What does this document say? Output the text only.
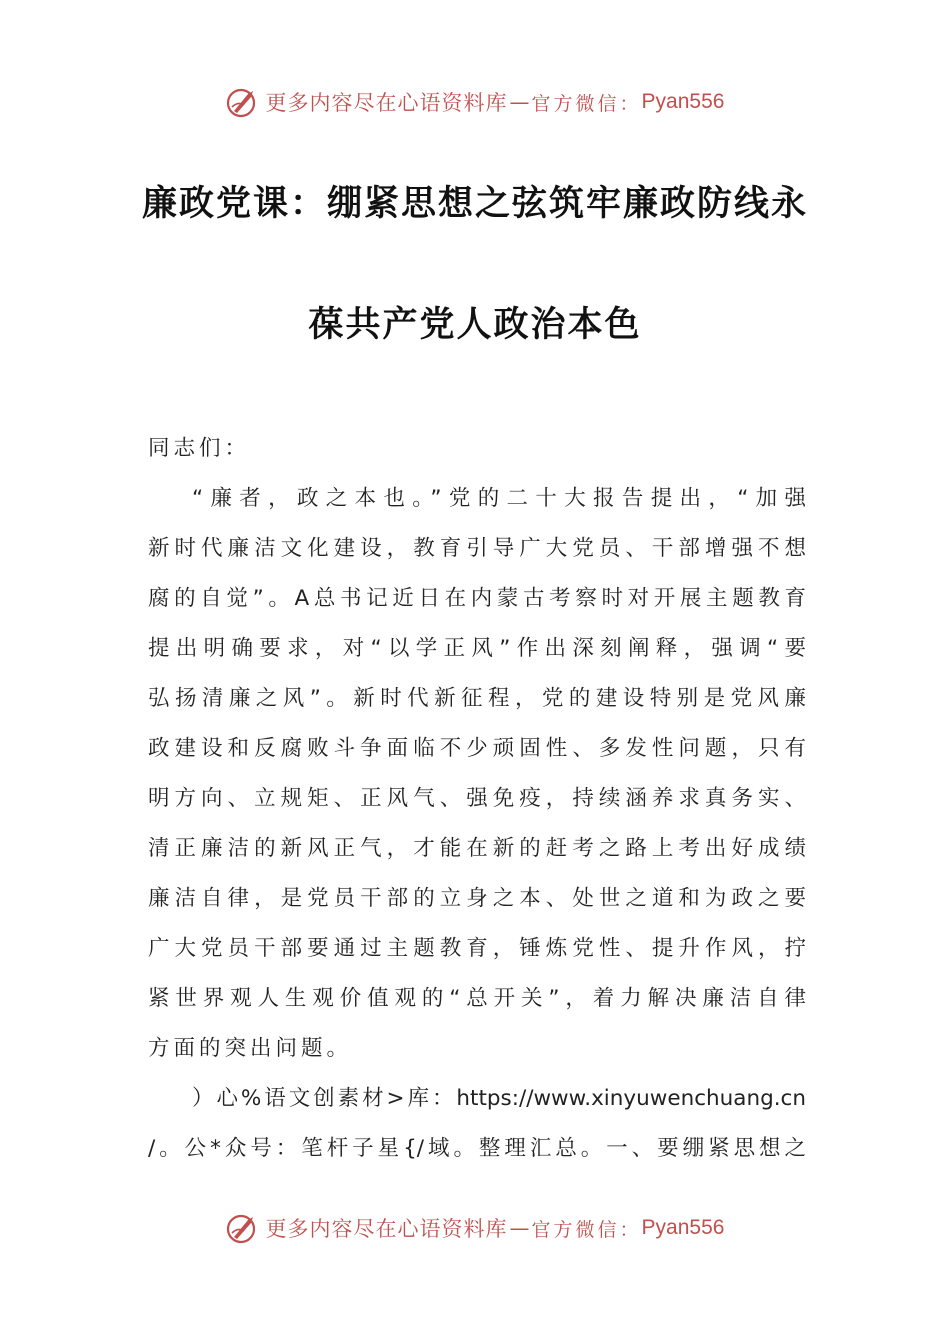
更多内容尽在心语资料库 — 官方微信： Pyan556
廉政党课：绷紧思想之弦筑牢廉政防线永
葆共产党人政治本色
同志们：
“廉者，政之本也。”党的二十大报告提出，“加强
新时代廉洁文化建设，教育引导广大党员、干部增强不想
腐的自觉”。A总书记近日在内蒙古考察时对开展主题教育
提出明确要求，对“以学正风”作出深刻阐释，强调“要
弘扬清廉之风”。新时代新征程，党的建设特别是党风廉
政建设和反腐败斗争面临不少顽固性、多发性问题，只有
明方向、立规矩、正风气、强免疫，持续涵养求真务实、
清正廉洁的新风正气，才能在新的赶考之路上考出好成绩
廉洁自律，是党员干部的立身之本、处世之道和为政之要
广大党员干部要通过主题教育，锤炼党性、提升作风，拧
紧世界观人生观价值观的“总开关”，着力解决廉洁自律
方面的突出问题。
）心%语文创素材>库：https://www.xinyuwenchuang.cn
/。公*众号：笔杆子星{/域。整理汇总。一、要绷紧思想之
更多内容尽在心语资料库 — 官方微信： Pyan556
